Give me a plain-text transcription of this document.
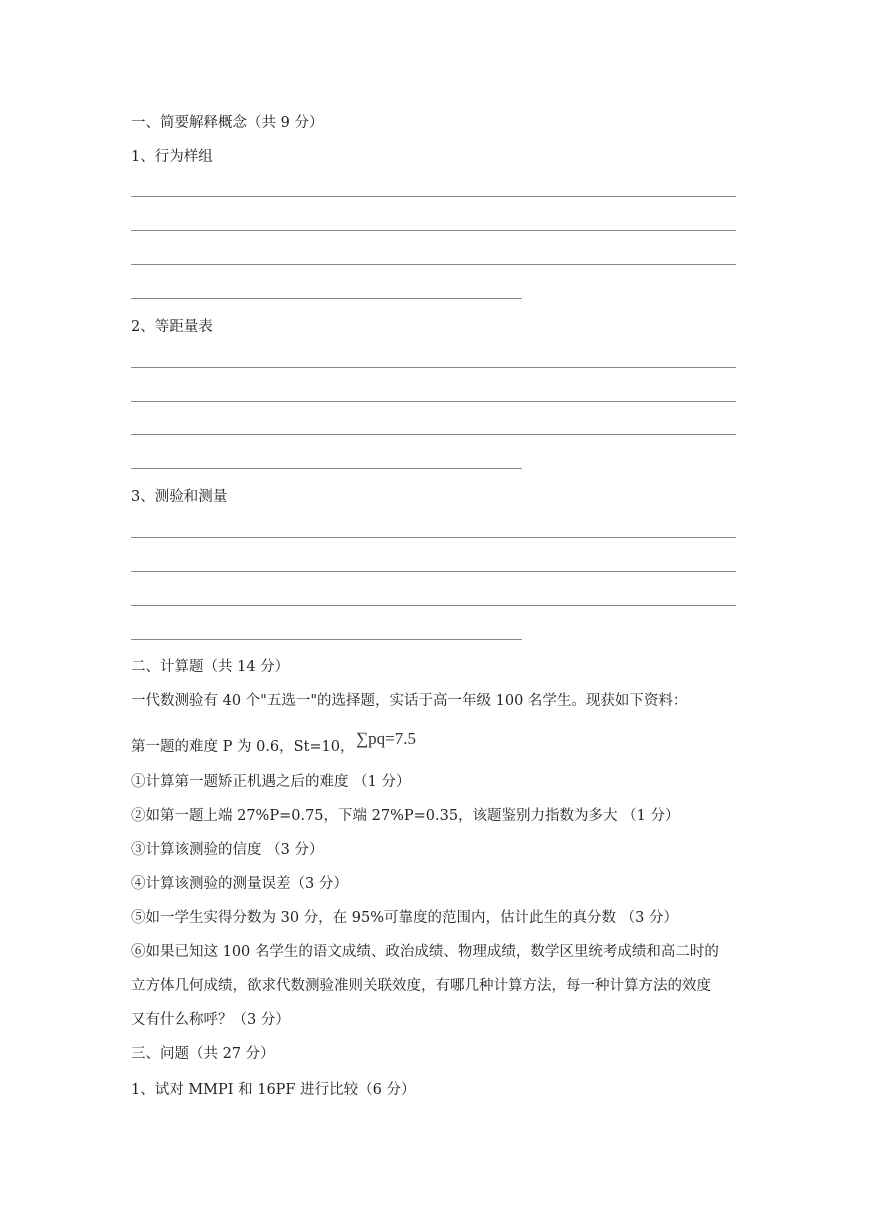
一、简要解释概念（共 9 分）
1、行为样组
2、等距量表
3、测验和测量
二、计算题（共 14 分）
一代数测验有 40 个"五选一"的选择题，实话于高一年级 100 名学生。现获如下资料：
第一题的难度 P 为 0.6，St=10， ∑pq=7.5
①计算第一题矫正机遇之后的难度 （1 分）
②如第一题上端 27%P=0.75，下端 27%P=0.35，该题鉴别力指数为多大 （1 分）
③计算该测验的信度 （3 分）
④计算该测验的测量误差（3 分）
⑤如一学生实得分数为 30 分，在 95%可靠度的范围内，估计此生的真分数 （3 分）
⑥如果已知这 100 名学生的语文成绩、政治成绩、物理成绩，数学区里统考成绩和高二时的
立方体几何成绩，欲求代数测验准则关联效度，有哪几种计算方法，每一种计算方法的效度
又有什么称呼？（3 分）
三、问题（共 27 分）
1、试对 MMPI 和 16PF 进行比较（6 分）
